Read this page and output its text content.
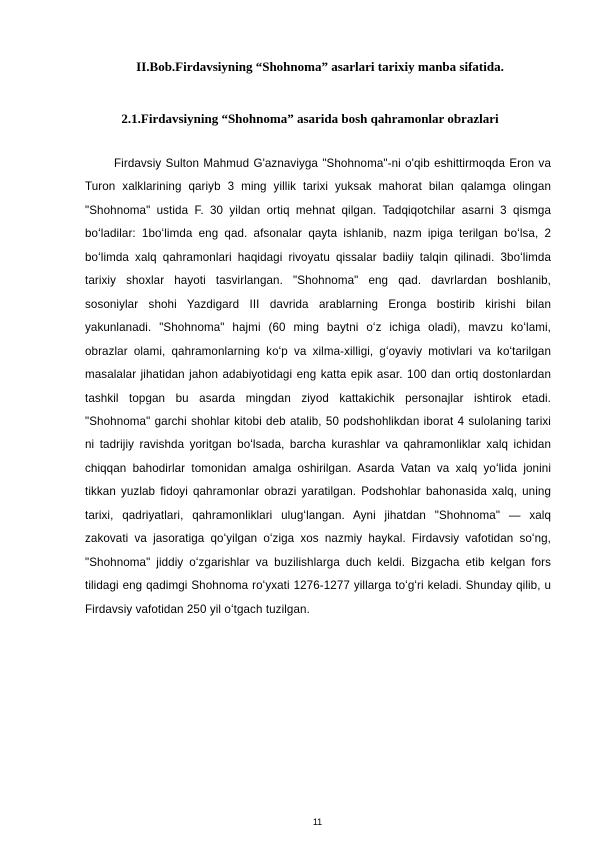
II.Bob.Firdavsiyning “Shohnoma” asarlari tarixiy manba sifatida.
2.1.Firdavsiyning “Shohnoma” asarida bosh qahramonlar obrazlari

Firdavsiy Sulton Mahmud G'aznaviyga "Shohnoma"-ni o'qib eshittirmoqda Eron va Turon xalklarining qariyb 3 ming yillik tarixi yuksak mahorat bilan qalamga olingan "Shohnoma" ustida F. 30 yildan ortiq mehnat qilgan. Tadqiqotchilar asarni 3 qismga boʻladilar: 1boʻlimda eng qad. afsonalar qayta ishlanib, nazm ipiga terilgan boʻlsa, 2 boʻlimda xalq qahramonlari haqidagi rivoyatu qissalar badiiy talqin qilinadi. 3boʻlimda tarixiy shoxlar hayoti tasvirlangan. "Shohnoma" eng qad. davrlardan boshlanib, sosoniylar shohi Yazdigard III davrida arablarning Eronga bostirib kirishi bilan yakunlanadi. "Shohnoma" hajmi (60 ming baytni oʻz ichiga oladi), mavzu koʻlami, obrazlar olami, qahramonlarning koʻp va xilma-xilligi, gʻoyaviy motivlari va koʻtarilgan masalalar jihatidan jahon adabiyotidagi eng katta epik asar. 100 dan ortiq dostonlardan tashkil topgan bu asarda mingdan ziyod kattakichik personajlar ishtirok etadi. "Shohnoma" garchi shohlar kitobi deb atalib, 50 podshohlikdan iborat 4 sulolaning tarixi ni tadrijiy ravishda yoritgan boʻlsada, barcha kurashlar va qahramonliklar xalq ichidan chiqqan bahodirlar tomonidan amalga oshirilgan. Asarda Vatan va xalq yoʻlida jonini tikkan yuzlab fidoyi qahramonlar obrazi yaratilgan. Podshohlar bahonasida xalq, uning tarixi, qadriyatlari, qahramonliklari ulugʻlangan. Ayni jihatdan "Shohnoma" — xalq zakovati va jasoratiga qoʻyilgan oʻziga xos nazmiy haykal. Firdavsiy vafotidan soʻng, "Shohnoma" jiddiy oʻzgarishlar va buzilishlarga duch keldi. Bizgacha etib kelgan fors tilidagi eng qadimgi Shohnoma roʻyxati 1276-1277 yillarga toʻgʻri keladi. Shunday qilib, u Firdavsiy vafotidan 250 yil oʻtgach tuzilgan.

11
